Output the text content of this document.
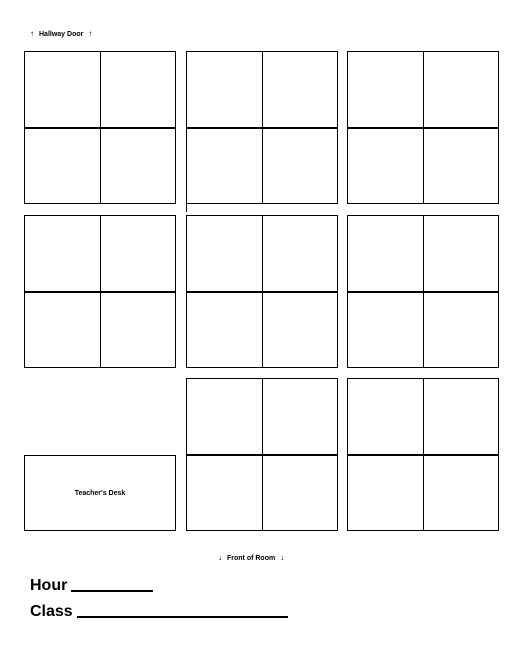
↑ Hallway Door ↑
Teacher's Desk
↓ Front of Room ↓
Hour
Class
